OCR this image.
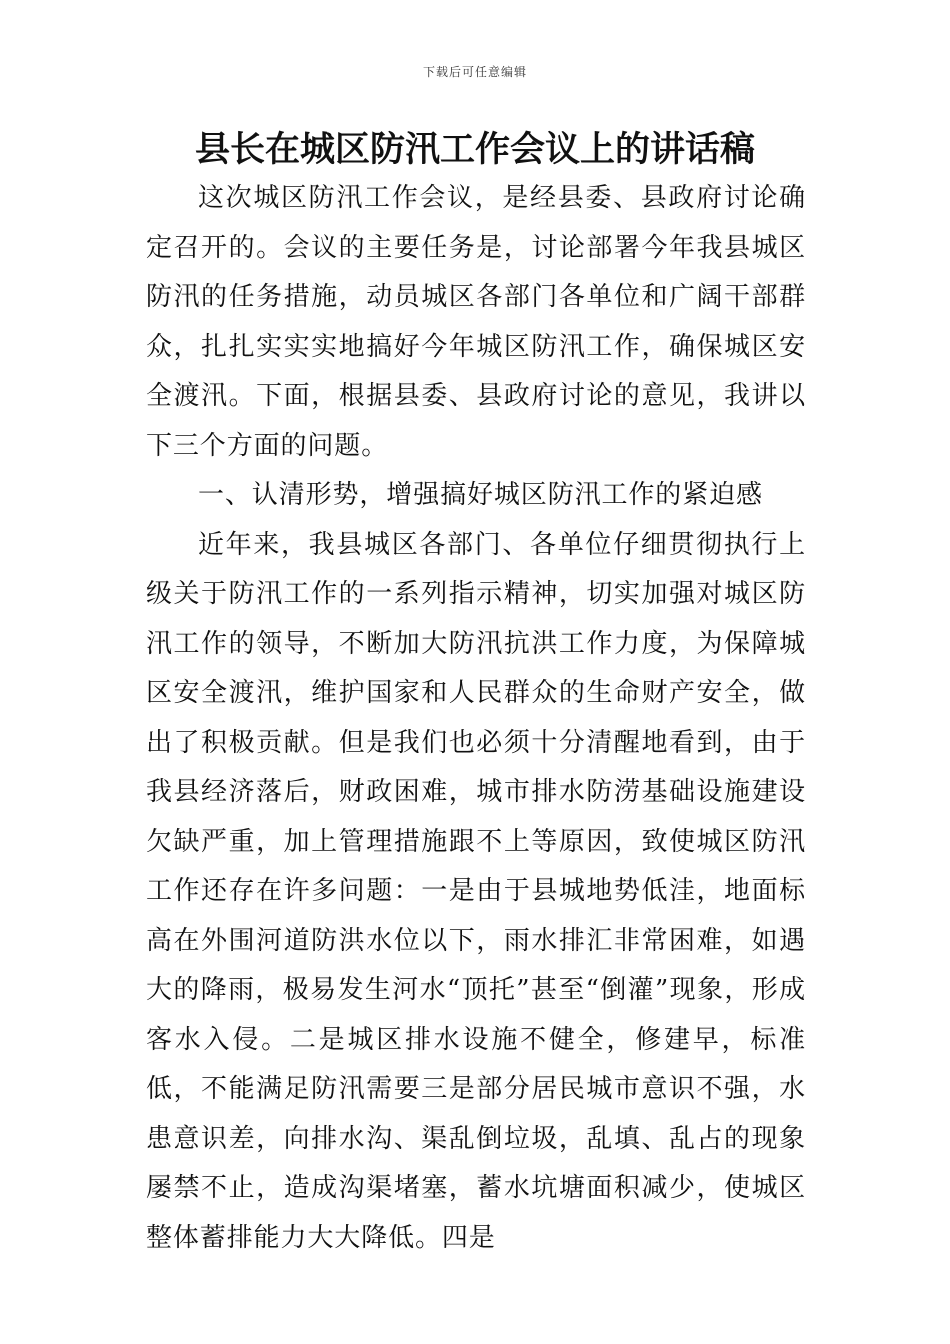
下载后可任意编辑
县长在城区防汛工作会议上的讲话稿

这次城区防汛工作会议，是经县委、县政府讨论确定召开的。会议的主要任务是，讨论部署今年我县城区防汛的任务措施，动员城区各部门各单位和广阔干部群众，扎扎实实实地搞好今年城区防汛工作，确保城区安全渡汛。下面，根据县委、县政府讨论的意见，我讲以下三个方面的问题。

一、认清形势，增强搞好城区防汛工作的紧迫感

近年来，我县城区各部门、各单位仔细贯彻执行上级关于防汛工作的一系列指示精神，切实加强对城区防汛工作的领导，不断加大防汛抗洪工作力度，为保障城区安全渡汛，维护国家和人民群众的生命财产安全，做出了积极贡献。但是我们也必须十分清醒地看到，由于我县经济落后，财政困难，城市排水防涝基础设施建设欠缺严重，加上管理措施跟不上等原因，致使城区防汛工作还存在许多问题：一是由于县城地势低洼，地面标高在外围河道防洪水位以下，雨水排汇非常困难，如遇大的降雨，极易发生河水“顶托”甚至“倒灌”现象，形成客水入侵。二是城区排水设施不健全，修建早，标准低，不能满足防汛需要三是部分居民城市意识不强，水患意识差，向排水沟、渠乱倒垃圾，乱填、乱占的现象屡禁不止，造成沟渠堵塞，蓄水坑塘面积减少，使城区整体蓄排能力大大降低。四是
